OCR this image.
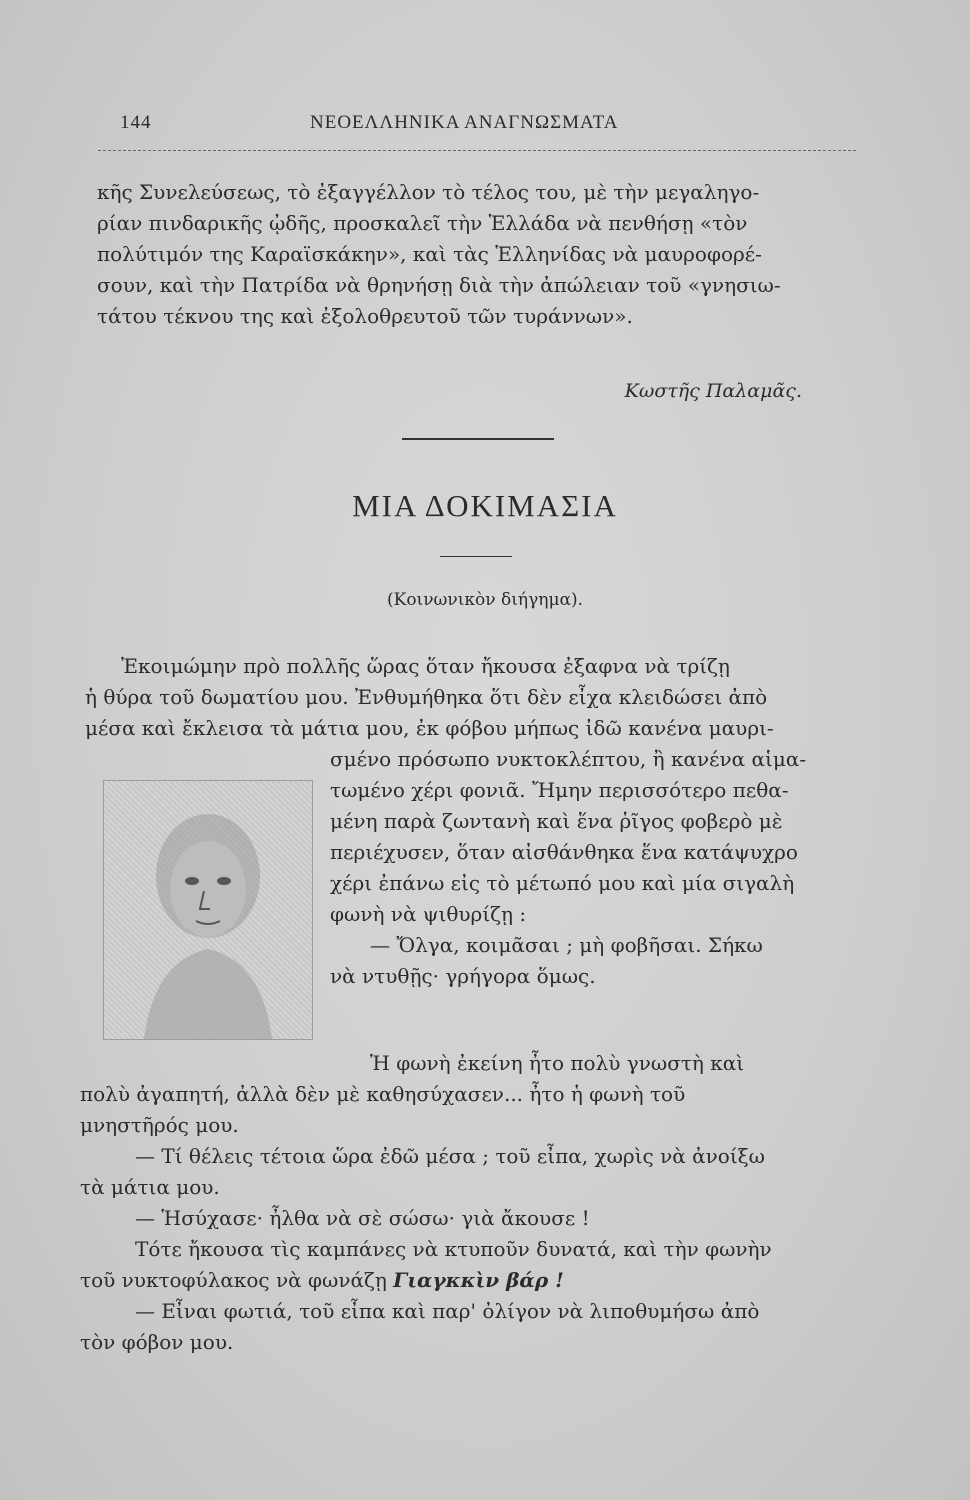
144	ΝΕΟΕΛΛΗΝΙΚΑ ΑΝΑΓΝΩΣΜΑΤΑ
κῆς Συνελεύσεως, τὸ ἐξαγγέλλον τὸ τέλος του, μὲ τὴν μεγαληγο-
ρίαν πινδαρικῆς ᾠδῆς, προσκαλεῖ τὴν Ἑλλάδα νὰ πενθήσῃ «τὸν
πολύτιμόν της Καραϊσκάκην», καὶ τὰς Ἑλληνίδας νὰ μαυροφορέ-
σουν, καὶ τὴν Πατρίδα νὰ θρηνήσῃ διὰ τὴν ἀπώλειαν τοῦ «γνησιω-
τάτου τέκνου της καὶ ἐξολοθρευτοῦ τῶν τυράννων».
Κωστῆς Παλαμᾶς.
ΜΙΑ ΔΟΚΙΜΑΣΙΑ
(Κοινωνικὸν διήγημα).
Ἐκοιμώμην πρὸ πολλῆς ὥρας ὅταν ἤκουσα ἐξαφνα νὰ τρίζῃ
ἡ θύρα τοῦ δωματίου μου. Ἐνθυμήθηκα ὅτι δὲν εἶχα κλειδώσει ἀπὸ
μέσα καὶ ἔκλεισα τὰ μάτια μου, ἐκ φόβου μήπως ἰδῶ κανένα μαυρι-
σμένο πρόσωπο νυκτοκλέπτου, ἢ κανένα αἱμα-
τωμένο χέρι φονιᾶ. Ἤμην περισσότερο πεθα-
μένη παρὰ ζωντανὴ καὶ ἕνα ῥῖγος φοβερὸ μὲ
περιέχυσεν, ὅταν αἰσθάνθηκα ἕνα κατάψυχρο
χέρι ἐπάνω εἰς τὸ μέτωπό μου καὶ μία σιγαλὴ
φωνὴ νὰ ψιθυρίζῃ :
— Ὄλγα, κοιμᾶσαι ; μὴ φοβῆσαι. Σήκω
νὰ ντυθῇς· γρήγορα ὅμως.
Ἡ φωνὴ ἐκείνη ἦτο πολὺ γνωστὴ καὶ
πολὺ ἀγαπητή, ἀλλὰ δὲν μὲ καθησύχασεν... ἦτο ἡ φωνὴ τοῦ
μνηστῆρός μου.
— Τί θέλεις τέτοια ὥρα ἐδῶ μέσα ; τοῦ εἶπα, χωρὶς νὰ ἀνοίξω
τὰ μάτια μου.
— Ἡσύχασε· ἦλθα νὰ σὲ σώσω· γιὰ ἄκουσε !
Τότε ἤκουσα τὶς καμπάνες νὰ κτυποῦν δυνατά, καὶ τὴν φωνὴν
τοῦ νυκτοφύλακος νὰ φωνάζῃ Γιαγκκὶν βάρ !
— Εἶναι φωτιά, τοῦ εἶπα καὶ παρ' ὀλίγον νὰ λιποθυμήσω ἀπὸ
τὸν φόβον μου.
